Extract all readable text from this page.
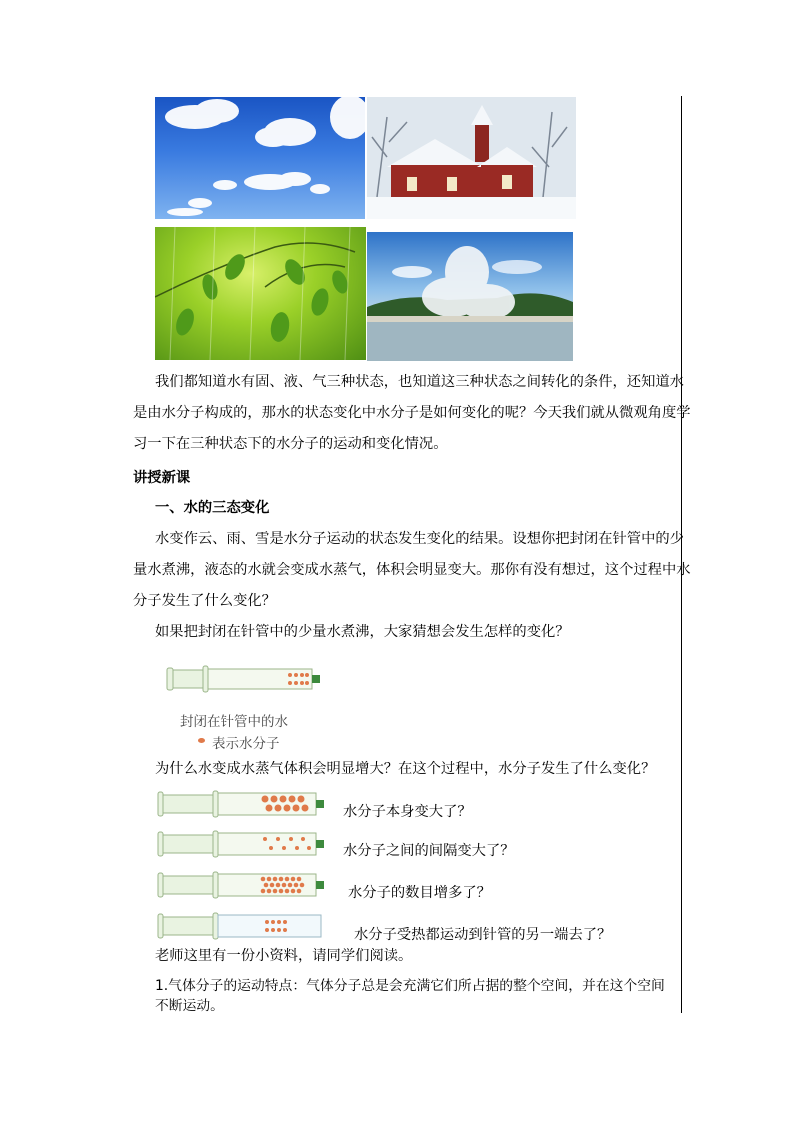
我们都知道水有固、液、气三种状态，也知道这三种状态之间转化的条件，还知道水
是由水分子构成的，那水的状态变化中水分子是如何变化的呢？今天我们就从微观角度学
习一下在三种状态下的水分子的运动和变化情况。
讲授新课
一、水的三态变化
水变作云、雨、雪是水分子运动的状态发生变化的结果。设想你把封闭在针管中的少
量水煮沸，液态的水就会变成水蒸气，体积会明显变大。那你有没有想过，这个过程中水
分子发生了什么变化？
如果把封闭在针管中的少量水煮沸，大家猜想会发生怎样的变化？
封闭在针管中的水
表示水分子
为什么水变成水蒸气体积会明显增大？在这个过程中，水分子发生了什么变化？
水分子本身变大了？
水分子之间的间隔变大了？
水分子的数目增多了？
水分子受热都运动到针管的另一端去了？
老师这里有一份小资料，请同学们阅读。
1.气体分子的运动特点：气体分子总是会充满它们所占据的整个空间，并在这个空间
不断运动。
